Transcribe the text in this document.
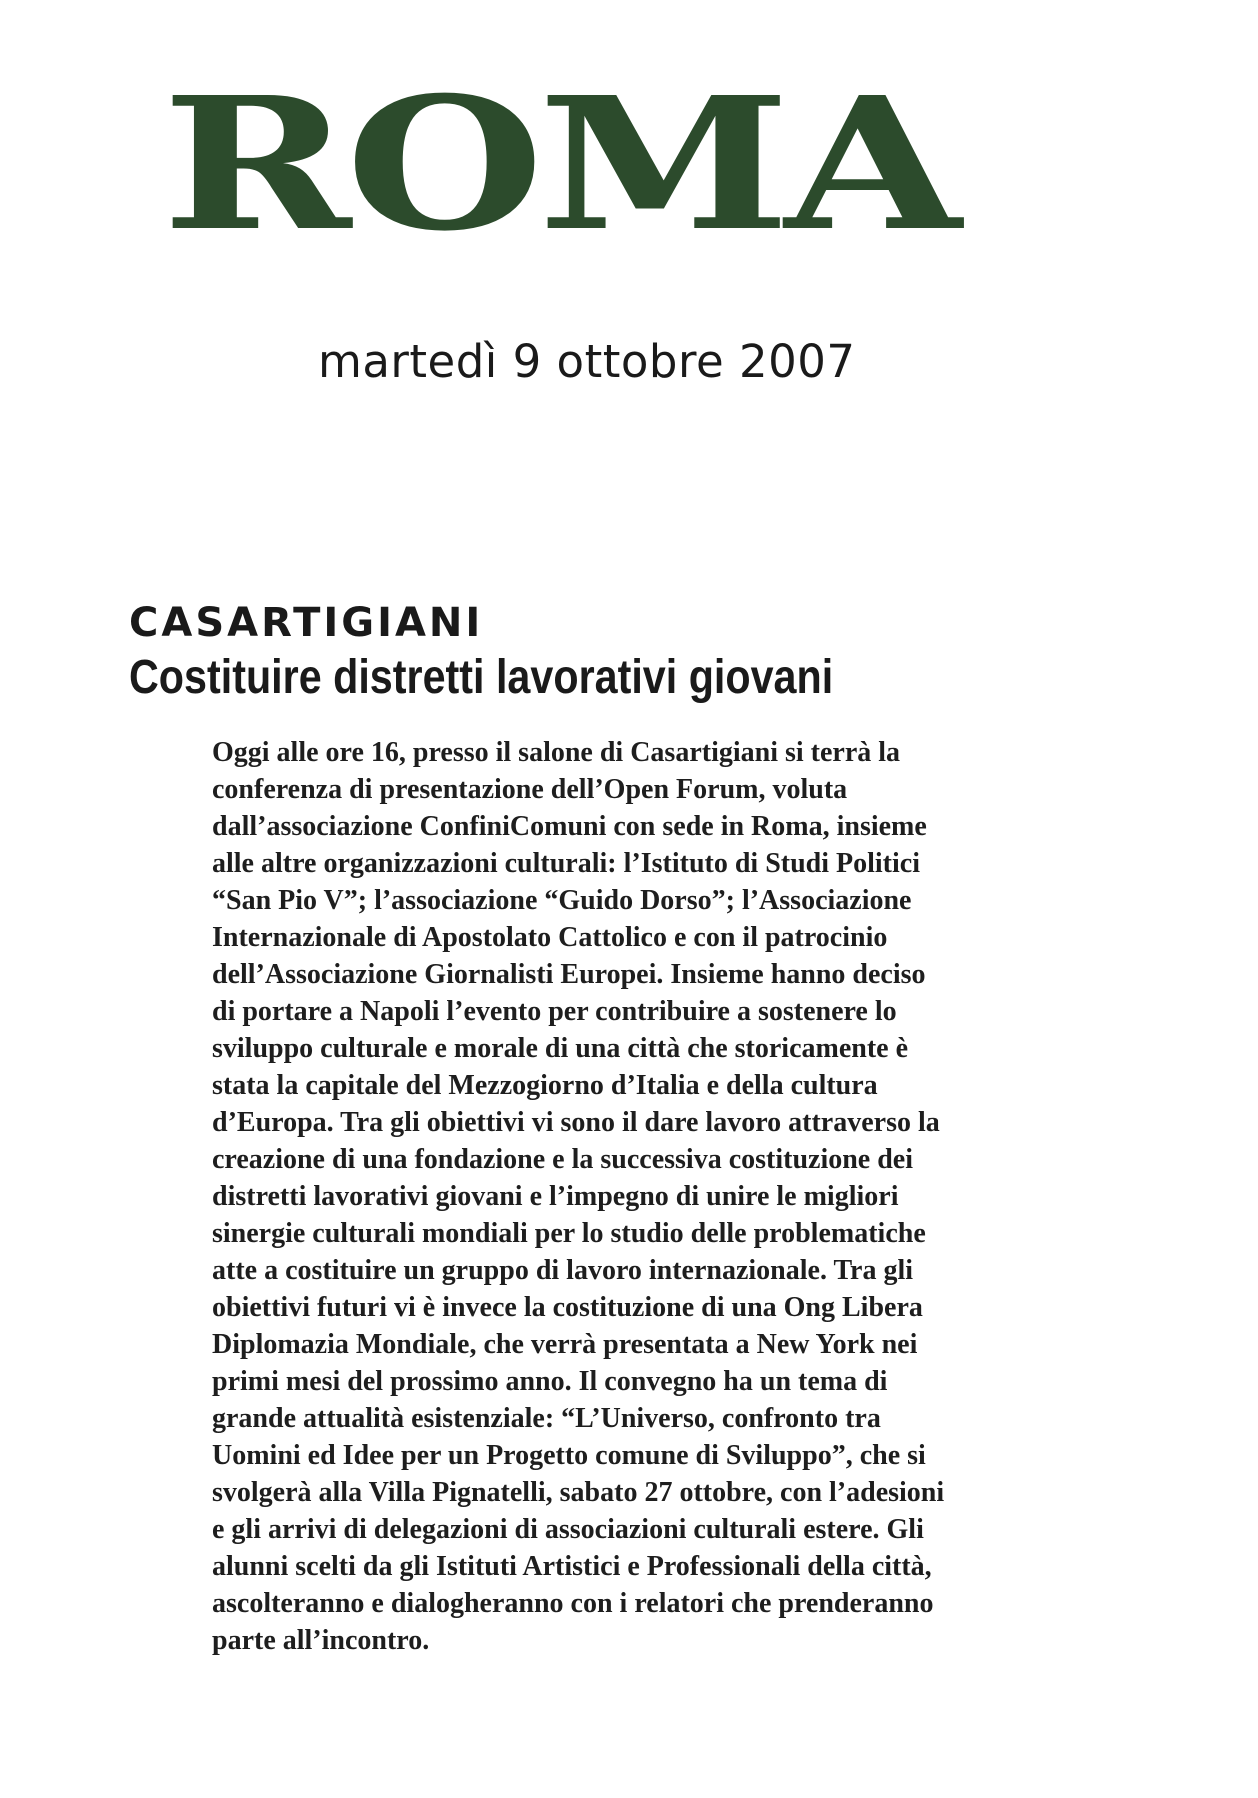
ROMA
martedì 9 ottobre 2007
CASARTIGIANI
Costituire distretti lavorativi giovani
Oggi alle ore 16, presso il salone di Casartigiani si terrà la
conferenza di presentazione dell’Open Forum, voluta
dall’associazione ConfiniComuni con sede in Roma, insieme
alle altre organizzazioni culturali: l’Istituto di Studi Politici
“San Pio V”; l’associazione “Guido Dorso”; l’Associazione
Internazionale di Apostolato Cattolico e con il patrocinio
dell’Associazione Giornalisti Europei. Insieme hanno deciso
di portare a Napoli l’evento per contribuire a sostenere lo
sviluppo culturale e morale di una città che storicamente è
stata la capitale del Mezzogiorno d’Italia e della cultura
d’Europa. Tra gli obiettivi vi sono il dare lavoro attraverso la
creazione di una fondazione e la successiva costituzione dei
distretti lavorativi giovani e l’impegno di unire le migliori
sinergie culturali mondiali per lo studio delle problematiche
atte a costituire un gruppo di lavoro internazionale. Tra gli
obiettivi futuri vi è invece la costituzione di una Ong Libera
Diplomazia Mondiale, che verrà presentata a New York nei
primi mesi del prossimo anno. Il convegno ha un tema di
grande attualità esistenziale: “L’Universo, confronto tra
Uomini ed Idee per un Progetto comune di Sviluppo”, che si
svolgerà alla Villa Pignatelli, sabato 27 ottobre, con l’adesioni
e gli arrivi di delegazioni di associazioni culturali estere. Gli
alunni scelti da gli Istituti Artistici e Professionali della città,
ascolteranno e dialogheranno con i relatori che prenderanno
parte all’incontro.
